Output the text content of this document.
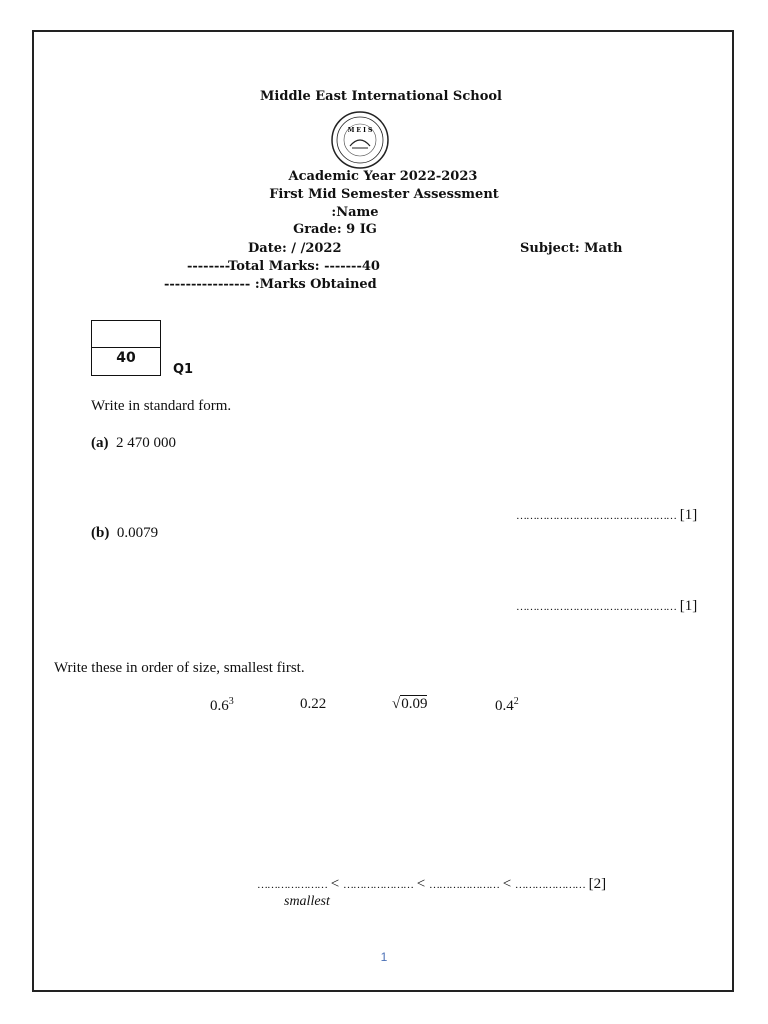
Middle East International School
M E I S
Academic Year 2022-2023
First Mid Semester Assessment
:Name
Grade: 9 IG
Date: / /2022	Subject: Math
--------Total Marks: -------40
---------------- :Marks Obtained
40
Q1
Write in standard form.
(a) 2 470 000
………………………………………… [1]
(b) 0.0079
………………………………………… [1]
Write these in order of size, smallest first.
$0.6^3$	0.22	√0.09	$0.4^2$
………………… < ………………… < ………………… < ………………… [2]
smallest
1
